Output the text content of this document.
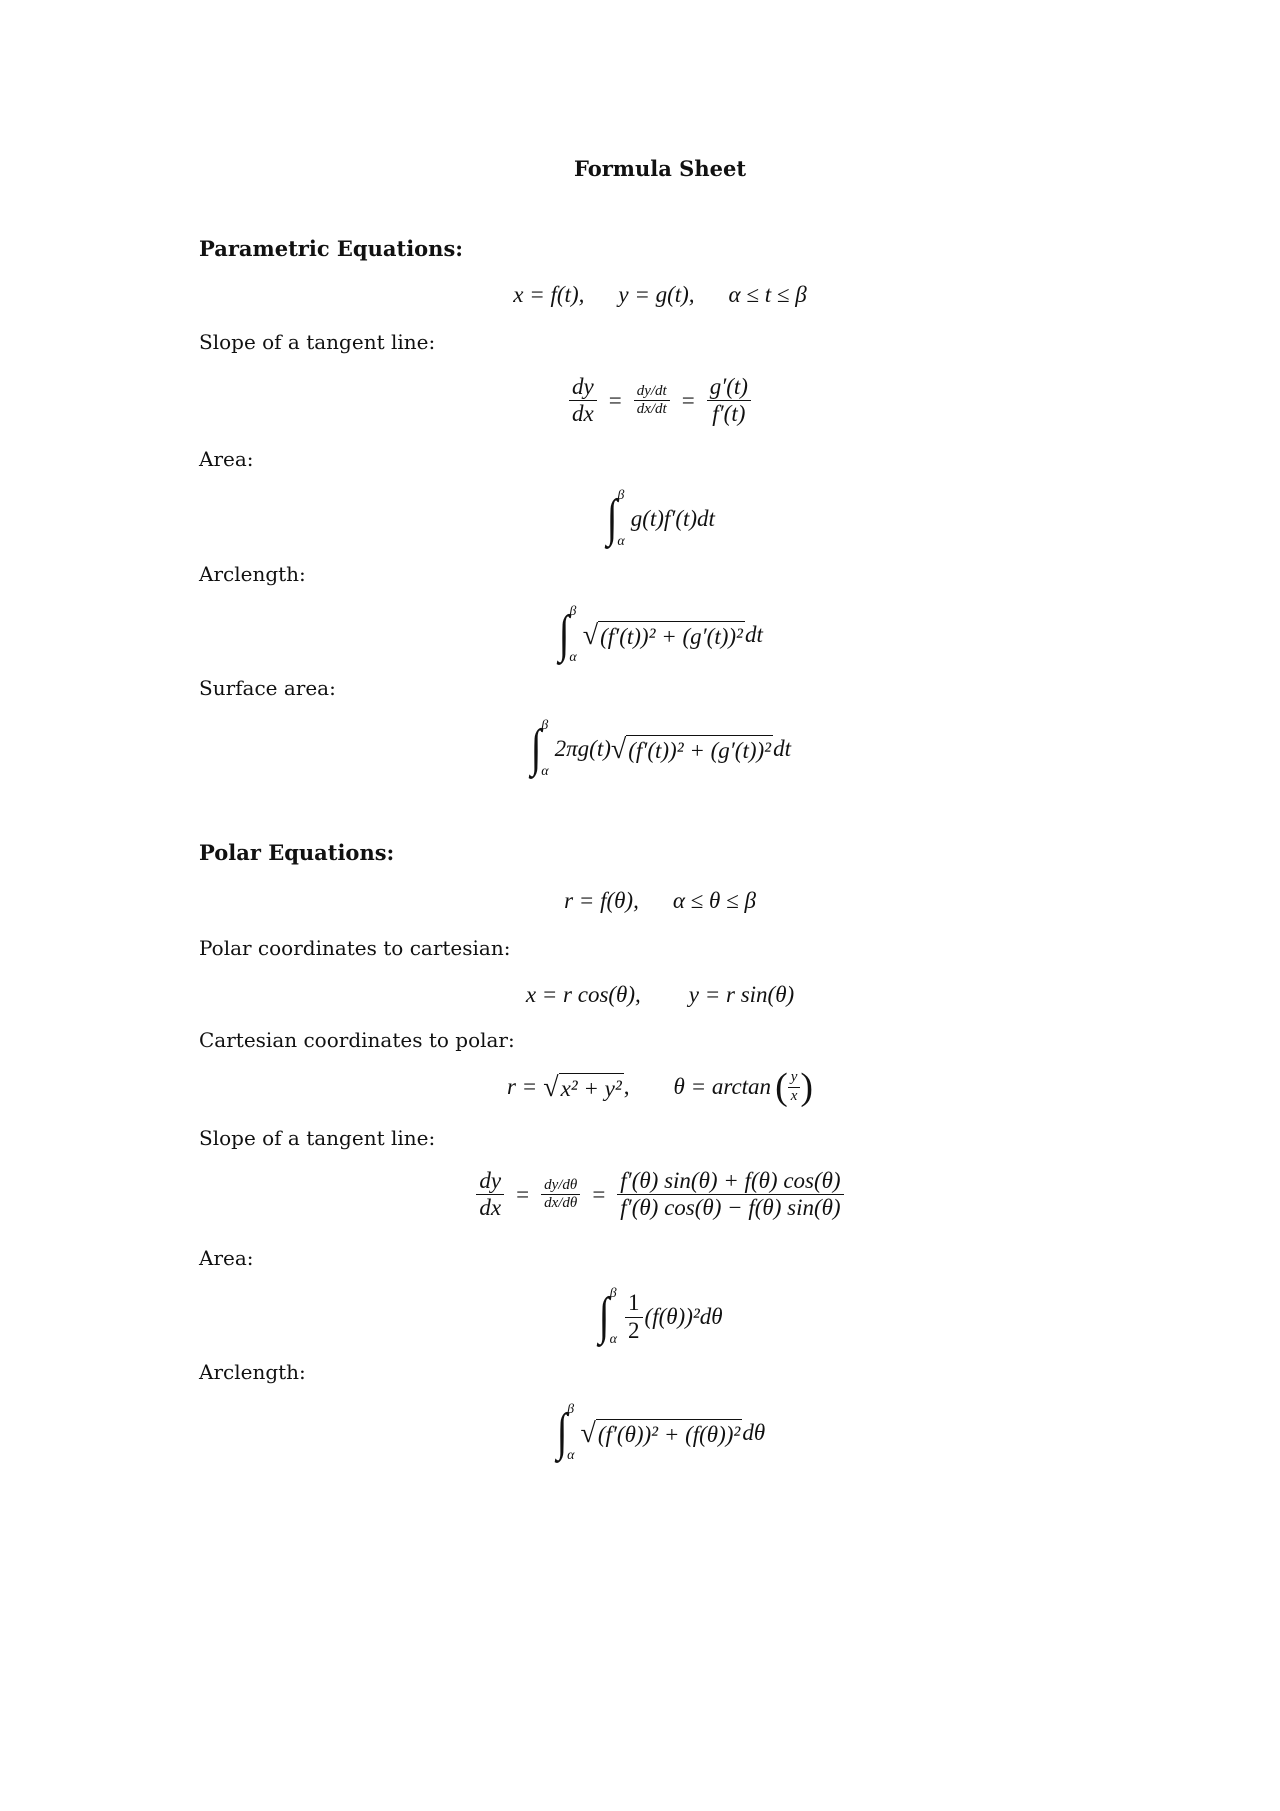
Formula Sheet
Parametric Equations:
x = f(t), y = g(t), α ≤ t ≤ β
Slope of a tangent line:
$\frac{dy}{dx} = \frac{dy/dt}{dx/dt} = \frac{g'(t)}{f'(t)}$
Area:
∫ β
α
g(t)f′(t)dt
Arclength:
∫ β
α
√ (f′(t))² + (g′(t))² dt
Surface area:
∫ β
α
2πg(t) √ (f′(t))² + (g′(t))² dt
Polar Equations:
r = f(θ), α ≤ θ ≤ β
Polar coordinates to cartesian:
x = r cos(θ), y = r sin(θ)
Cartesian coordinates to polar:
r = √ x² + y² , θ = arctan ( $\frac{y}{x}$ )
Slope of a tangent line:
$\frac{dy}{dx} = \frac{dy/d\theta}{dx/d\theta} = \frac{f'(\theta) \sin(\theta) + f(\theta) \cos(\theta)}{f'(\theta) \cos(\theta) - f(\theta) \sin(\theta)}$
Area:
∫ β
α $\frac{1}{2} (f(\theta))^2d\theta$
Arclength:
∫ β
α
√ (f′(θ))² + (f(θ))² dθ
